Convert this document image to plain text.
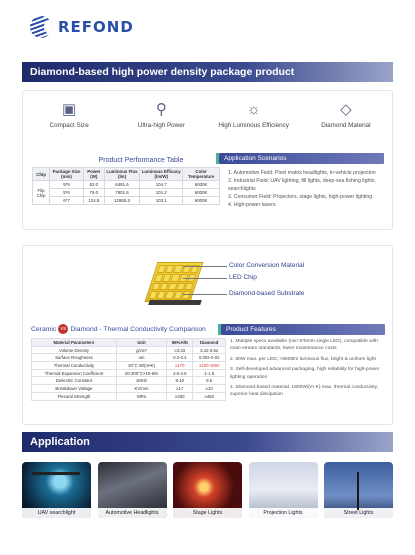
REFOND
Diamond-based high power density package product
▣
Compact Size
⚲
Ultra-high Power
☼
High Luminous Efficiency
◇
Diamond Material
Product Performance Table
Chip	Package Size (mm)	Power (W)	Luminous Flux (lm)	Luminous Efficacy (lm/W)	Color Temperature
Flip Chip	5*5	62.0	6491.6	104.7	6000K
	5*6	76.0	7801.6	101.2	6000K
	6*7	124.8	12865.3	103.1	6000K
Application Scenarios
1. Automotive Field: Pixel matrix headlights, in-vehicle projection
2. Industrial Field: UAV lighting, fill lights, deep-sea fishing lights, searchlights
3. Consumer Field: Projectors, stage lights, high-power lighting
4. High-power lasers
Color Conversion Material
LED Chip
Diamond-based Substrate
Ceramic VS Diamond - Thermal Conductivity Comparison
Material Parameters	Unit	96%AlN	Diamond
Volume Density	g/cm³	≥3.33	3.42-3.52
Surface Roughness	um	0.2-0.4	0.002-0.02
Thermal Conductivity	20°C W/(m•K)	≥170	1400-1800
Thermal Expansion Coefficient	20-300°C×10-6/K	2.6-3.5	1-1.5
Dielectric Constant	1MHz	8-10	5.6
Breakdown Voltage	KV/mm	≥17	≥10
Flexural Strength	MPa	≥330	≥450
Product Features
1. Multiple specs available (min 5*5mm single LED), compatible with main-stream standards, lower maintenance costs
2. 60W max. per LED, >6500lm luminous flux, bright & uniform light
3. Self-developed advanced packaging, high reliability for high-power lighting operation
4. Diamond-based material, 1800W/(m·K) max. thermal conductivity, superior heat dissipation
Application
UAV searchlight	Automotive Headlights	Stage Lights	Projection Lights	Street Lights
